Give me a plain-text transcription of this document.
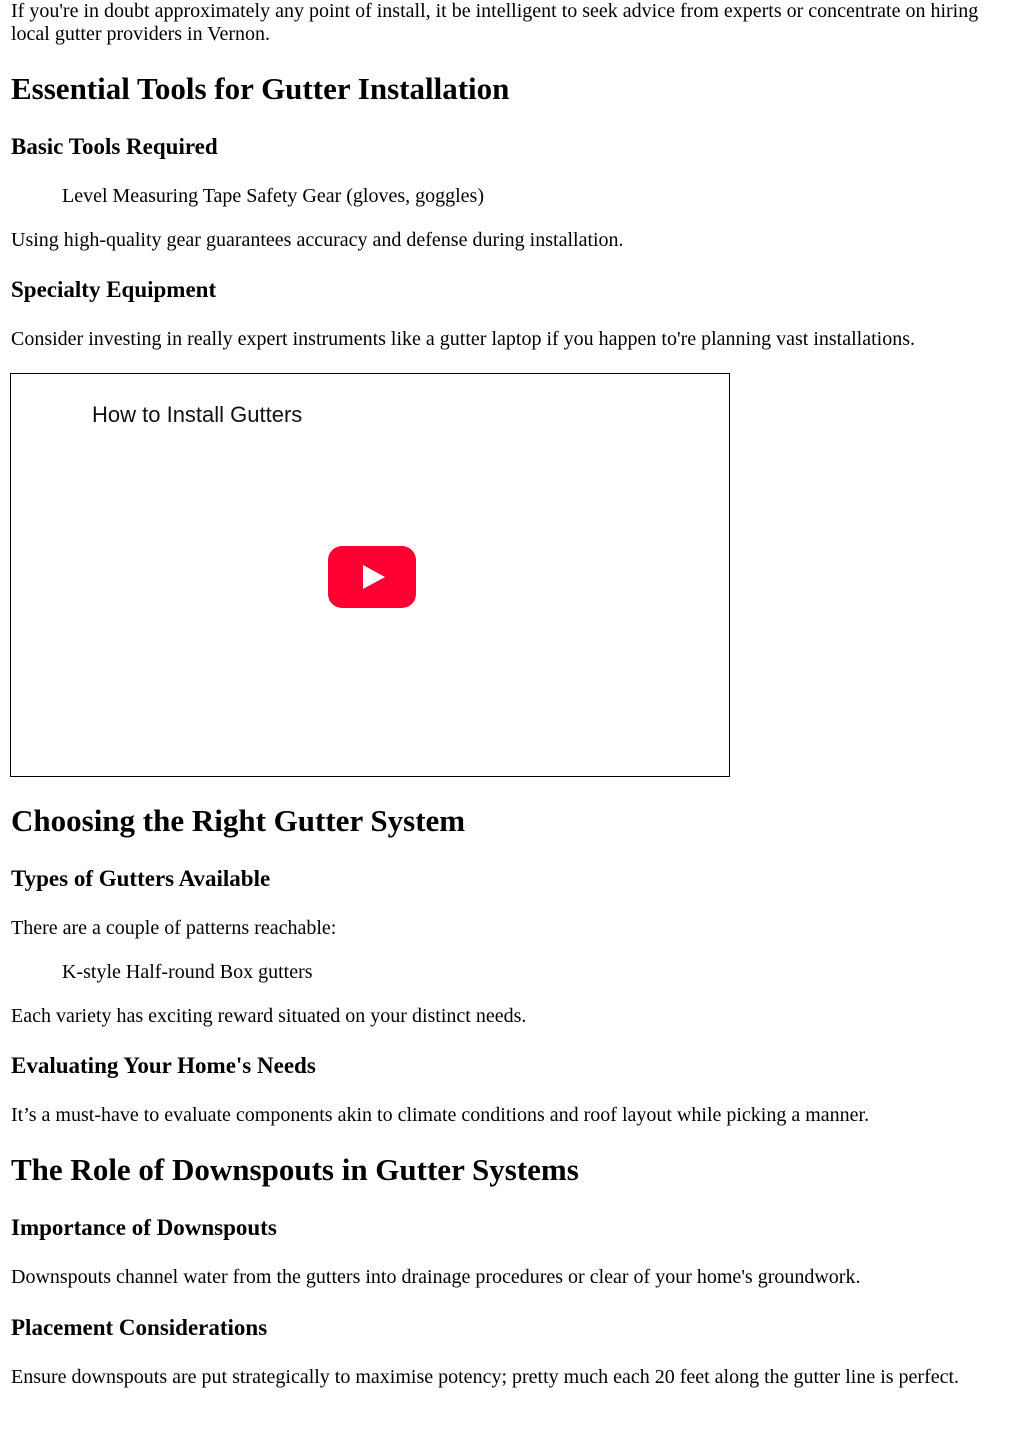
If you're in doubt approximately any point of install, it be intelligent to seek advice from experts or concentrate on hiring local gutter providers in Vernon.

Essential Tools for Gutter Installation
Basic Tools Required
Level Measuring Tape Safety Gear (gloves, goggles)

Using high-quality gear guarantees accuracy and defense during installation.

Specialty Equipment

Consider investing in really expert instruments like a gutter laptop if you happen to're planning vast installations.

How to Install Gutters
Choosing the Right Gutter System
Types of Gutters Available

There are a couple of patterns reachable:

K-style Half-round Box gutters

Each variety has exciting reward situated on your distinct needs.

Evaluating Your Home's Needs

It’s a must-have to evaluate components akin to climate conditions and roof layout while picking a manner.

The Role of Downspouts in Gutter Systems
Importance of Downspouts

Downspouts channel water from the gutters into drainage procedures or clear of your home's groundwork.

Placement Considerations

Ensure downspouts are put strategically to maximise potency; pretty much each 20 feet along the gutter line is perfect.
